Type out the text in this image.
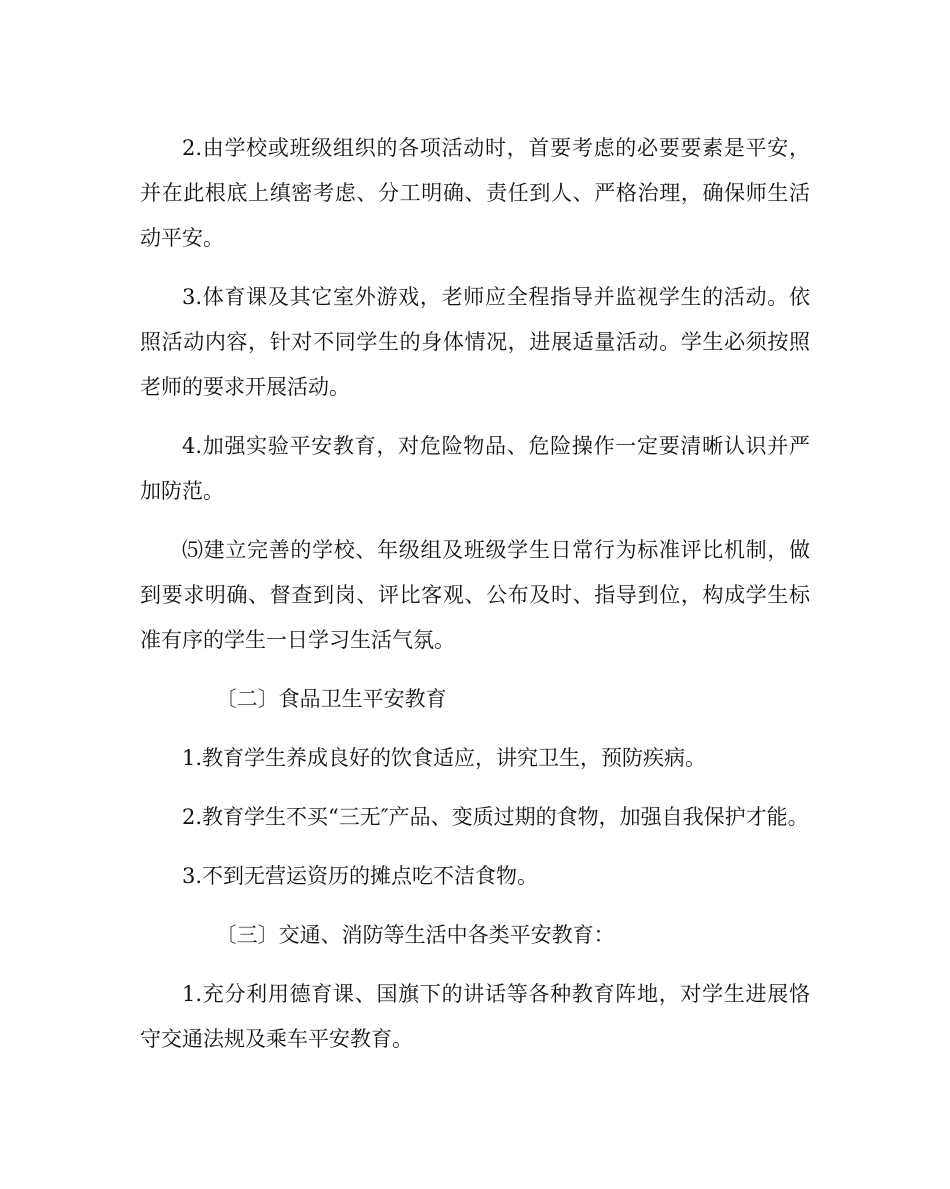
2.由学校或班级组织的各项活动时，首要考虑的必要要素是平安，并在此根底上缜密考虑、分工明确、责任到人、严格治理，确保师生活动平安。

3.体育课及其它室外游戏，老师应全程指导并监视学生的活动。依照活动内容，针对不同学生的身体情况，进展适量活动。学生必须按照老师的要求开展活动。

4.加强实验平安教育，对危险物品、危险操作一定要清晰认识并严加防范。

⑸建立完善的学校、年级组及班级学生日常行为标准评比机制，做到要求明确、督查到岗、评比客观、公布及时、指导到位，构成学生标准有序的学生一日学习生活气氛。

〔二〕食品卫生平安教育

1.教育学生养成良好的饮食适应，讲究卫生，预防疾病。

2.教育学生不买“三无″产品、变质过期的食物，加强自我保护才能。

3.不到无营运资历的摊点吃不洁食物。

〔三〕交通、消防等生活中各类平安教育：

1.充分利用德育课、国旗下的讲话等各种教育阵地，对学生进展恪守交通法规及乘车平安教育。
